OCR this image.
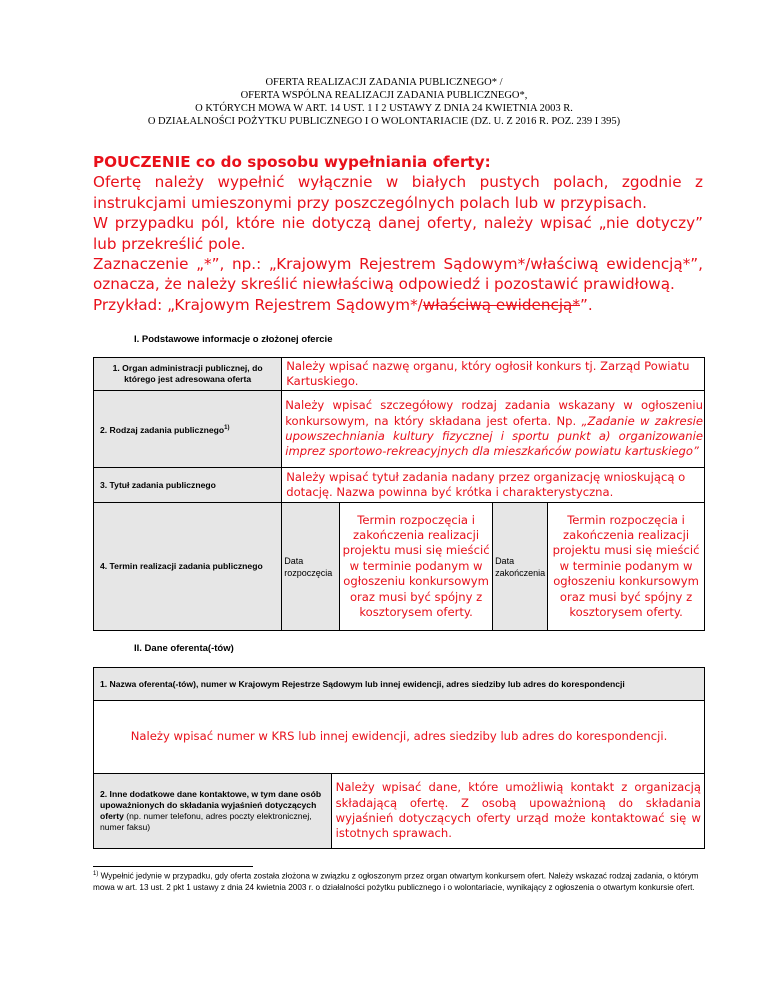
OFERTA REALIZACJI ZADANIA PUBLICZNEGO* /
OFERTA WSPÓLNA REALIZACJI ZADANIA PUBLICZNEGO*,
O KTÓRYCH MOWA W ART. 14 UST. 1 I 2 USTAWY Z DNIA 24 KWIETNIA 2003 R.
O DZIAŁALNOŚCI POŻYTKU PUBLICZNEGO I O WOLONTARIACIE (DZ. U. Z 2016 R. POZ. 239 I 395)

POUCZENIE co do sposobu wypełniania oferty:

Ofertę należy wypełnić wyłącznie w białych pustych polach, zgodnie z instrukcjami umieszonymi przy poszczególnych polach lub w przypisach.

W przypadku pól, które nie dotyczą danej oferty, należy wpisać „nie dotyczy” lub przekreślić pole.

Zaznaczenie „*”, np.: „Krajowym Rejestrem Sądowym*/właściwą ewidencją*”, oznacza, że należy skreślić niewłaściwą odpowiedź i pozostawić prawidłową.

Przykład: „Krajowym Rejestrem Sądowym*/właściwą ewidencją*”.

I. Podstawowe informacje o złożonej ofercie
1. Organ administracji publicznej, do którego jest adresowana oferta	Należy wpisać nazwę organu, który ogłosił konkurs tj. Zarząd Powiatu Kartuskiego.			
2. Rodzaj zadania publicznego$^{1)}$	Należy wpisać szczegółowy rodzaj zadania wskazany w ogłoszeniu konkursowym, na który składana jest oferta. Np. „Zadanie w zakresie upowszechniania kultury fizycznej i sportu punkt a) organizowanie imprez sportowo-rekreacyjnych dla mieszkańców powiatu kartuskiego”			
3. Tytuł zadania publicznego	Należy wpisać tytuł zadania nadany przez organizację wnioskującą o dotację. Nazwa powinna być krótka i charakterystyczna.			
4. Termin realizacji zadania publicznego	Data rozpoczęcia	Termin rozpoczęcia i zakończenia realizacji projektu musi się mieścić w terminie podanym w ogłoszeniu konkursowym oraz musi być spójny z kosztorysem oferty.	Data zakończenia	Termin rozpoczęcia i zakończenia realizacji projektu musi się mieścić w terminie podanym w ogłoszeniu konkursowym oraz musi być spójny z kosztorysem oferty.
II. Dane oferenta(-tów)
1. Nazwa oferenta(-tów), numer w Krajowym Rejestrze Sądowym lub innej ewidencji, adres siedziby lub adres do korespondencji
Należy wpisać numer w KRS lub innej ewidencji, adres siedziby lub adres do korespondencji.
2. Inne dodatkowe dane kontaktowe, w tym dane osób upoważnionych do składania wyjaśnień dotyczących oferty (np. numer telefonu, adres poczty elektronicznej, numer faksu)	Należy wpisać dane, które umożliwią kontakt z organizacją składającą ofertę. Z osobą upoważnioną do składania wyjaśnień dotyczących oferty urząd może kontaktować się w istotnych sprawach.
$^{1)}$ Wypełnić jedynie w przypadku, gdy oferta została złożona w związku z ogłoszonym przez organ otwartym konkursem ofert. Należy wskazać rodzaj zadania, o którym mowa w art. 13 ust. 2 pkt 1 ustawy z dnia 24 kwietnia 2003 r. o działalności pożytku publicznego i o wolontariacie, wynikający z ogłoszenia o otwartym konkursie ofert.
